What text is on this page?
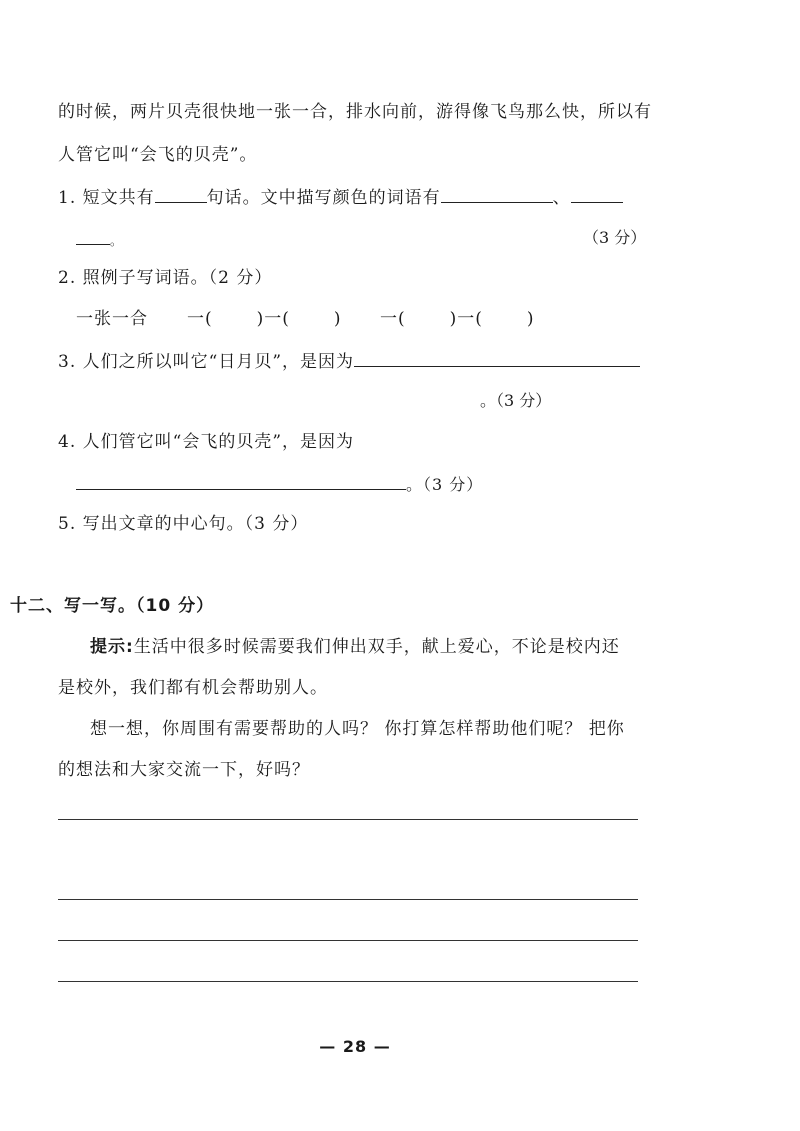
的时候，两片贝壳很快地一张一合，排水向前，游得像飞鸟那么快，所以有
人管它叫“会飞的贝壳”。
1. 短文共有	句话。文中描写颜色的词语有	、
。	（3 分）
2. 照例子写词语。（2 分）
一张一合 一(	)一(	) 一(	)一(	)
3. 人们之所以叫它“日月贝”，是因为
。（3 分）
4. 人们管它叫“会飞的贝壳”，是因为
。（3 分）
5. 写出文章的中心句。（3 分）
十二、写一写。（10 分）
提示:生活中很多时候需要我们伸出双手，献上爱心，不论是校内还
是校外，我们都有机会帮助别人。
想一想，你周围有需要帮助的人吗？ 你打算怎样帮助他们呢？ 把你
的想法和大家交流一下，好吗？
— 28 —
